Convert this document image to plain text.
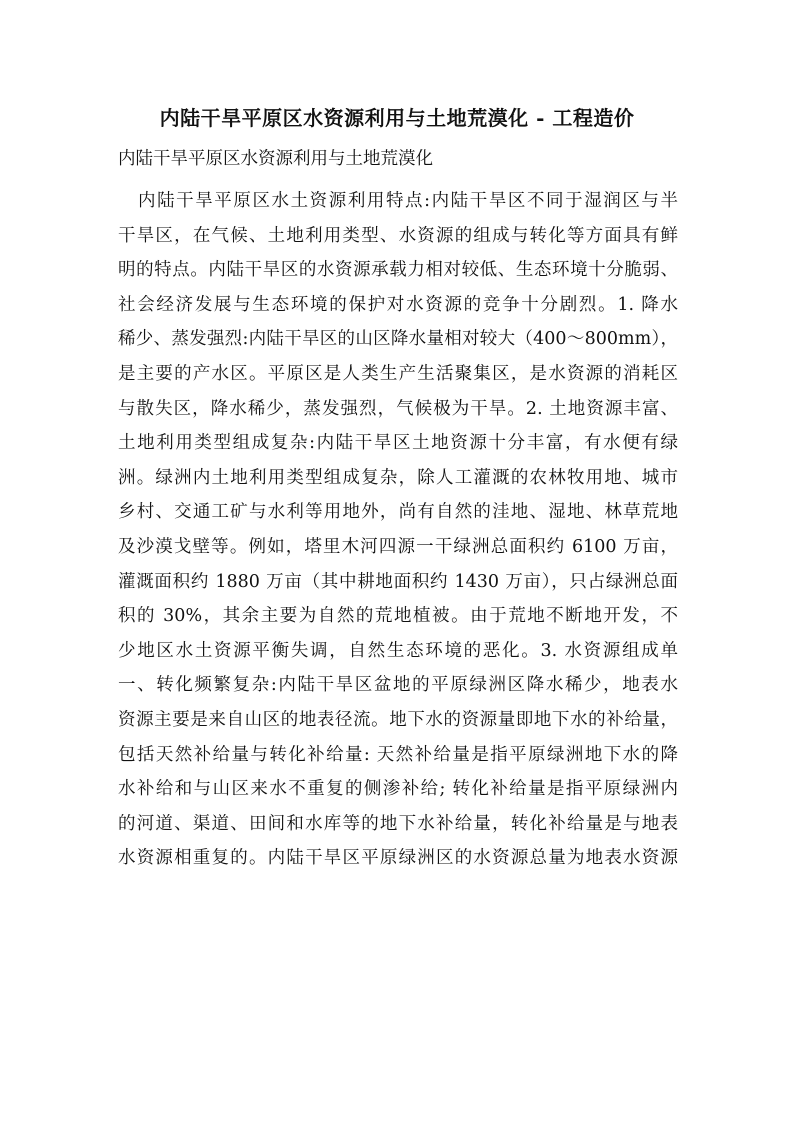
内陆干旱平原区水资源利用与土地荒漠化 - 工程造价
内陆干旱平原区水资源利用与土地荒漠化
内陆干旱平原区水土资源利用特点:内陆干旱区不同于湿润区与半
干旱区，在气候、土地利用类型、水资源的组成与转化等方面具有鲜
明的特点。内陆干旱区的水资源承载力相对较低、生态环境十分脆弱、
社会经济发展与生态环境的保护对水资源的竞争十分剧烈。1. 降水
稀少、蒸发强烈:内陆干旱区的山区降水量相对较大（400～800mm），
是主要的产水区。平原区是人类生产生活聚集区，是水资源的消耗区
与散失区，降水稀少，蒸发强烈，气候极为干旱。2. 土地资源丰富、
土地利用类型组成复杂:内陆干旱区土地资源十分丰富，有水便有绿
洲。绿洲内土地利用类型组成复杂，除人工灌溉的农林牧用地、城市
乡村、交通工矿与水利等用地外，尚有自然的洼地、湿地、林草荒地
及沙漠戈壁等。例如，塔里木河四源一干绿洲总面积约 6100 万亩，
灌溉面积约 1880 万亩（其中耕地面积约 1430 万亩），只占绿洲总面
积的 30%，其余主要为自然的荒地植被。由于荒地不断地开发，不
少地区水土资源平衡失调，自然生态环境的恶化。3. 水资源组成单
一、转化频繁复杂:内陆干旱区盆地的平原绿洲区降水稀少，地表水
资源主要是来自山区的地表径流。地下水的资源量即地下水的补给量，
包括天然补给量与转化补给量: 天然补给量是指平原绿洲地下水的降
水补给和与山区来水不重复的侧渗补给; 转化补给量是指平原绿洲内
的河道、渠道、田间和水库等的地下水补给量，转化补给量是与地表
水资源相重复的。内陆干旱区平原绿洲区的水资源总量为地表水资源
